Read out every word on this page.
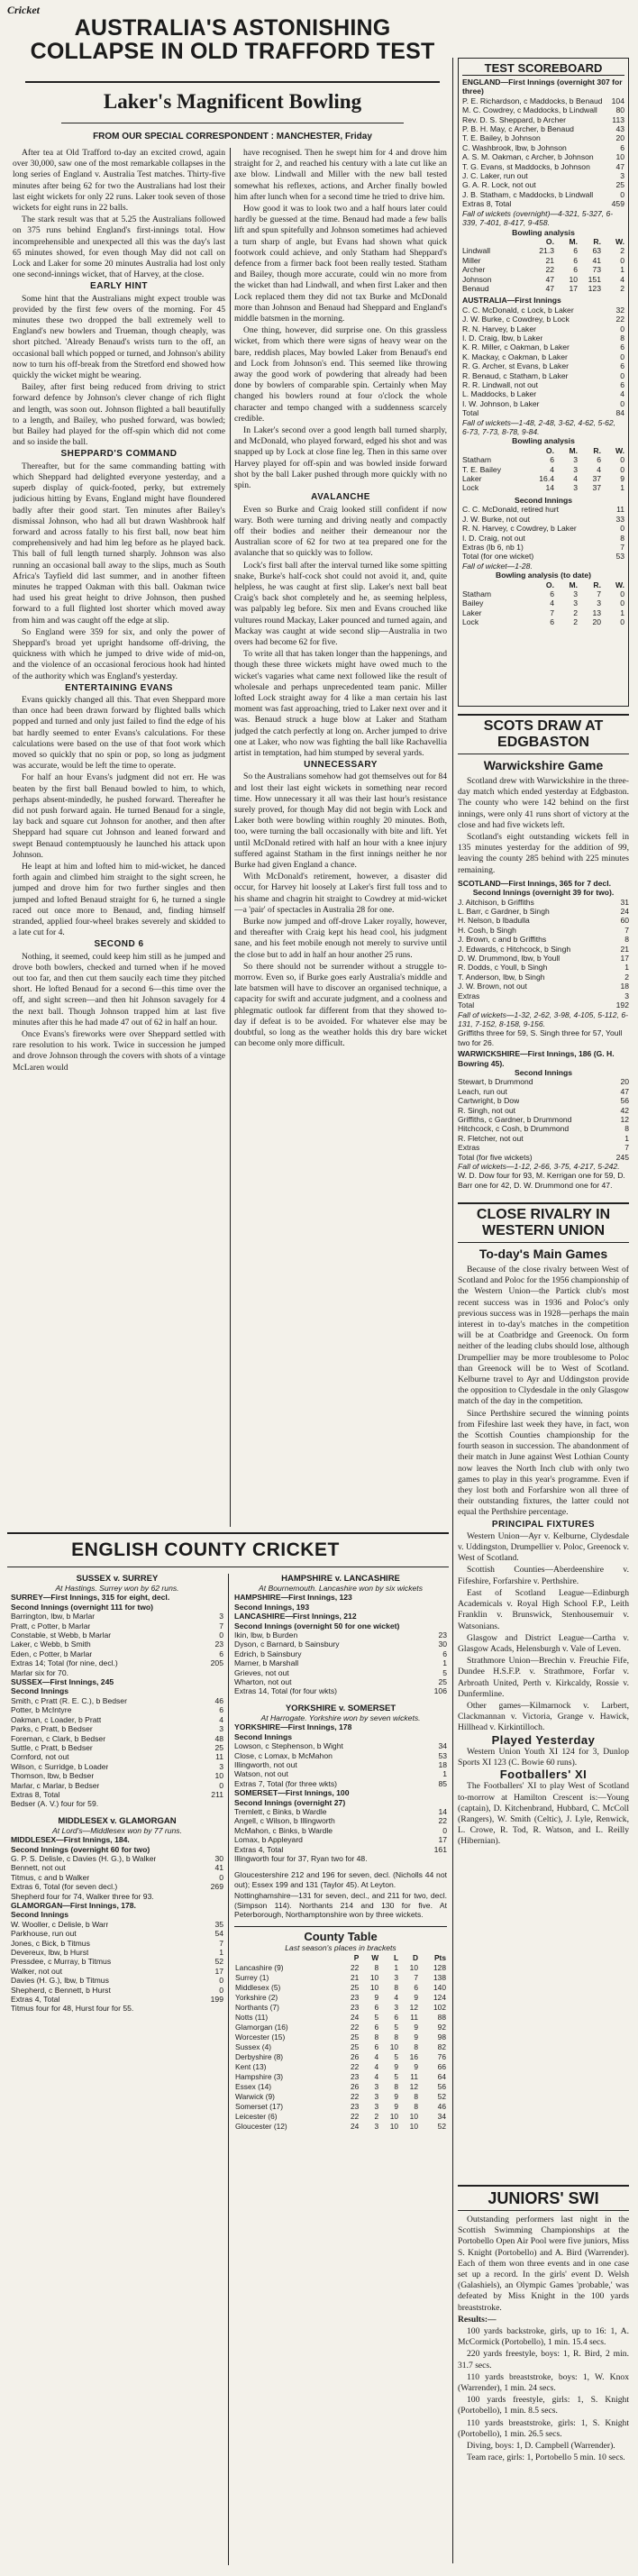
Cricket
AUSTRALIA'S ASTONISHING COLLAPSE IN OLD TRAFFORD TEST
Laker's Magnificent Bowling
FROM OUR SPECIAL CORRESPONDENT : MANCHESTER, Friday

After tea at Old Trafford to-day an excited crowd, again over 30,000, saw one of the most remarkable collapses in the long series of England v. Australia Test matches. Thirty-five minutes after being 62 for two the Australians had lost their last eight wickets for only 22 runs. Laker took seven of those wickets for eight runs in 22 balls.

The stark result was that at 5.25 the Australians followed on 375 runs behind England's first-innings total. How incomprehensible and unexpected all this was the day's last 65 minutes showed, for even though May did not call on Lock and Laker for some 20 minutes Australia had lost only one second-innings wicket, that of Harvey, at the close.

EARLY HINT

Some hint that the Australians might expect trouble was provided by the first few overs of the morning. For 45 minutes these two dropped the ball extremely well to England's new bowlers and Trueman, though cheaply, was short pitched. 'Already Benaud's wrists turn to the off, an occasional ball which popped or turned, and Johnson's ability now to turn his off-break from the Stretford end showed how quickly the wicket might be wearing.

Bailey, after first being reduced from driving to strict forward defence by Johnson's clever change of rich flight and length, was soon out. Johnson flighted a ball beautifully to a length, and Bailey, who pushed forward, was bowled; but Bailey had played for the off-spin which did not come and so inside the ball.

SHEPPARD'S COMMAND

Thereafter, but for the same commanding batting with which Sheppard had delighted everyone yesterday, and a superb display of quick-footed, perky, but extremely judicious hitting by Evans, England might have floundered badly after their good start. Ten minutes after Bailey's dismissal Johnson, who had all but drawn Washbrook half forward and across fatally to his first ball, now beat him comprehensively and had him leg before as he played back. This ball of full length turned sharply. Johnson was also running an occasional ball away to the slips, much as South Africa's Tayfield did last summer, and in another fifteen minutes he trapped Oakman with this ball. Oakman twice had used his great height to drive Johnson, then pushed forward to a full flighted lost shorter which moved away from him and was caught off the edge at slip.

So England were 359 for six, and only the power of Sheppard's broad yet upright handsome off-driving, the quickness with which he jumped to drive wide of mid-on, and the violence of an occasional ferocious hook had hinted of the authority which was England's yesterday.

ENTERTAINING EVANS

Evans quickly changed all this. That even Sheppard more than once had been drawn forward by flighted balls which popped and turned and only just failed to find the edge of his bat hardly seemed to enter Evans's calculations. For these calculations were based on the use of that foot work which moved so quickly that no spin or pop, so long as judgment was accurate, would be left the time to operate.

For half an hour Evans's judgment did not err. He was beaten by the first ball Benaud bowled to him, to which, perhaps absent-mindedly, he pushed forward. Thereafter he did not push forward again. He turned Benaud for a single, lay back and square cut Johnson for another, and then after Sheppard had square cut Johnson and leaned forward and swept Benaud contemptuously he launched his attack upon Johnson.

He leapt at him and lofted him to mid-wicket, he danced forth again and climbed him straight to the sight screen, he jumped and drove him for two further singles and then jumped and lofted Benaud straight for 6, he turned a single raced out once more to Benaud, and, finding himself stranded, applied four-wheel brakes severely and skidded to a late cut for 4.

SECOND 6

Nothing, it seemed, could keep him still as he jumped and drove both bowlers, checked and turned when if he moved out too far, and then cut them saucily each time they pitched short. He lofted Benaud for a second 6—this time over the off, and sight screen—and then hit Johnson savagely for 4 the next ball. Though Johnson trapped him at last five minutes after this he had made 47 out of 62 in half an hour.

Once Evans's fireworks were over Sheppard settled with rare resolution to his work. Twice in succession he jumped and drove Johnson through the covers with shots of a vintage McLaren would

have recognised. Then he swept him for 4 and drove him straight for 2, and reached his century with a late cut like an axe blow. Lindwall and Miller with the new ball tested somewhat his reflexes, actions, and Archer finally bowled him after lunch when for a second time he tried to drive him.

How good it was to look two and a half hours later could hardly be guessed at the time. Benaud had made a few balls lift and spun spitefully and Johnson sometimes had achieved a turn sharp of angle, but Evans had shown what quick footwork could achieve, and only Statham had Sheppard's defence from a firmer back foot been really tested. Statham and Bailey, though more accurate, could win no more from the wicket than had Lindwall, and when first Laker and then Lock replaced them they did not tax Burke and McDonald more than Johnson and Benaud had Sheppard and England's middle batsmen in the morning.

One thing, however, did surprise one. On this grassless wicket, from which there were signs of heavy wear on the bare, reddish places, May bowled Laker from Benaud's end and Lock from Johnson's end. This seemed like throwing away the good work of powdering that already had been done by bowlers of comparable spin. Certainly when May changed his bowlers round at four o'clock the whole character and tempo changed with a suddenness scarcely credible.

In Laker's second over a good length ball turned sharply, and McDonald, who played forward, edged his shot and was snapped up by Lock at close fine leg. Then in this same over Harvey played for off-spin and was bowled inside forward shot by the ball Laker pushed through more quickly with no spin.

AVALANCHE

Even so Burke and Craig looked still confident if now wary. Both were turning and driving neatly and compactly off their bodies and neither their demeanour nor the Australian score of 62 for two at tea prepared one for the avalanche that so quickly was to follow.

Lock's first ball after the interval turned like some spitting snake, Burke's half-cock shot could not avoid it, and, quite helpless, he was caught at first slip. Laker's next ball beat Craig's back shot completely and he, as seeming helpless, was palpably leg before. Six men and Evans crouched like vultures round Mackay, Laker pounced and turned again, and Mackay was caught at wide second slip—Australia in two overs had become 62 for five.

To write all that has taken longer than the happenings, and though these three wickets might have owed much to the wicket's vagaries what came next followed like the result of wholesale and perhaps unprecedented team panic. Miller lofted Lock straight away for 4 like a man certain his last moment was fast approaching, tried to Laker next over and it was. Benaud struck a huge blow at Laker and Statham judged the catch perfectly at long on. Archer jumped to drive one at Laker, who now was fighting the ball like Rachavellia artist in temptation, had him stumped by several yards.

UNNECESSARY

So the Australians somehow had got themselves out for 84 and lost their last eight wickets in something near record time. How unnecessary it all was their last hour's resistance surely proved, for though May did not begin with Lock and Laker both were bowling within roughly 20 minutes. Both, too, were turning the ball occasionally with bite and lift. Yet until McDonald retired with half an hour with a knee injury suffered against Statham in the first innings neither he nor Burke had given England a chance.

With McDonald's retirement, however, a disaster did occur, for Harvey hit loosely at Laker's first full toss and to his shame and chagrin hit straight to Cowdrey at mid-wicket—a 'pair' of spectacles in Australia 28 for one.

Burke now jumped and off-drove Laker royally, however, and thereafter with Craig kept his head cool, his judgment sane, and his feet mobile enough not merely to survive until the close but to add in half an hour another 25 runs.

So there should not be surrender without a struggle to-morrow. Even so, if Burke goes early Australia's middle and late batsmen will have to discover an organised technique, a capacity for swift and accurate judgment, and a coolness and phlegmatic outlook far different from that they showed to-day if defeat is to be avoided. For whatever else may be doubtful, so long as the weather holds this dry bare wicket can become only more difficult.

TEST SCOREBOARD
ENGLAND—First Innings (overnight 307 for three)
P. E. Richardson, c Maddocks, b Benaud 104
M. C. Cowdrey, c Maddocks, b Lindwall 80
Rev. D. S. Sheppard, b Archer	113
P. B. H. May, c Archer, b Benaud	43
T. E. Bailey, b Johnson	20
C. Washbrook, lbw, b Johnson	6
A. S. M. Oakman, c Archer, b Johnson	10
T. G. Evans, st Maddocks, b Johnson	47
J. C. Laker, run out	3
G. A. R. Lock, not out	25
J. B. Statham, c Maddocks, b Lindwall	0
Extras 8, Total	459
Fall of wickets (overnight)—4-321, 5-327, 6-339, 7-401, 8-417, 9-458.
Bowling analysis
O.	M.	R.	W.
Lindwall	21.3	6	63	2
Miller	21	6	41	0
Archer	22	6	73	1
Johnson	47	10	151	4
Benaud	47	17	123	2
AUSTRALIA—First Innings
C. C. McDonald, c Lock, b Laker	32
J. W. Burke, c Cowdrey, b Lock	22
R. N. Harvey, b Laker	0
I. D. Craig, lbw, b Laker	8
K. R. Miller, c Oakman, b Laker	6
K. Mackay, c Oakman, b Laker	0
R. G. Archer, st Evans, b Laker	6
R. Benaud, c Statham, b Laker	0
R. R. Lindwall, not out	6
L. Maddocks, b Laker	4
I. W. Johnson, b Laker	0
Total	84
Fall of wickets—1-48, 2-48, 3-62, 4-62, 5-62, 6-73, 7-73, 8-78, 9-84.
Bowling analysis
O.	M.	R.	W.
Statham	6	3	6	0
T. E. Bailey	4	3	4	0
Laker	16.4	4	37	9
Lock	14	3	37	1
Second Innings
C. C. McDonald, retired hurt	11
J. W. Burke, not out	33
R. N. Harvey, c Cowdrey, b Laker	0
I. D. Craig, not out	8
Extras (lb 6, nb 1)	7
Total (for one wicket)	53
Fall of wicket—1-28.
Bowling analysis (to date)
O.	M.	R.	W.
Statham	6	3	7	0
Bailey	4	3	3	0
Laker	7	2	13	1
Lock	6	2	20	0
SCOTS DRAW AT EDGBASTON
Warwickshire Game

Scotland drew with Warwickshire in the three-day match which ended yesterday at Edgbaston. The county who were 142 behind on the first innings, were only 41 runs short of victory at the close and had five wickets left.

Scotland's eight outstanding wickets fell in 135 minutes yesterday for the addition of 99, leaving the county 285 behind with 225 minutes remaining.

SCOTLAND—First Innings, 365 for 7 decl.
Second Innings (overnight 39 for two).
J. Aitchison, b Griffiths	31
L. Barr, c Gardner, b Singh	24
H. Nelson, b Ibadulla	60
H. Cosh, b Singh	7
J. Brown, c and b Griffiths	8
J. Edwards, c Hitchcock, b Singh	21
D. W. Drummond, lbw, b Youll	17
R. Dodds, c Youll, b Singh	1
T. Anderson, lbw, b Singh	2
J. W. Brown, not out	18
Extras	3
Total	192
Fall of wickets—1-32, 2-62, 3-98, 4-105, 5-112, 6-131, 7-152, 8-158, 9-156.
Griffiths three for 59, S. Singh three for 57, Youll two for 26.
WARWICKSHIRE—First Innings, 186 (G. H. Bowring 45).
Second Innings
Stewart, b Drummond	20
Leach, run out	47
Cartwright, b Dow	56
R. Singh, not out	42
Griffiths, c Gardner, b Drummond	12
Hitchcock, c Cosh, b Drummond	8
R. Fletcher, not out	1
Extras	7
Total (for five wickets)	245
Fall of wickets—1-12, 2-66, 3-75, 4-217, 5-242.
W. D. Dow four for 93, M. Kerrigan one for 59, D. Barr one for 42, D. W. Drummond one for 47.
CLOSE RIVALRY IN WESTERN UNION
To-day's Main Games

Because of the close rivalry between West of Scotland and Poloc for the 1956 championship of the Western Union—the Partick club's most recent success was in 1936 and Poloc's only previous success was in 1928—perhaps the main interest in to-day's matches in the competition will be at Coatbridge and Greenock. On form neither of the leading clubs should lose, although Drumpellier may be more troublesome to Poloc than Greenock will be to West of Scotland. Kelburne travel to Ayr and Uddingston provide the opposition to Clydesdale in the only Glasgow match of the day in the competition.

Since Perthshire secured the winning points from Fifeshire last week they have, in fact, won the Scottish Counties championship for the fourth season in succession. The abandonment of their match in June against West Lothian County now leaves the North Inch club with only two games to play in this year's programme. Even if they lost both and Forfarshire won all three of their outstanding fixtures, the latter could not equal the Perthshire percentage.

PRINCIPAL FIXTURES

Western Union—Ayr v. Kelburne, Clydesdale v. Uddingston, Drumpellier v. Poloc, Greenock v. West of Scotland.

Scottish Counties—Aberdeenshire v. Fifeshire, Forfarshire v. Perthshire.

East of Scotland League—Edinburgh Academicals v. Royal High School F.P., Leith Franklin v. Brunswick, Stenhousemuir v. Watsonians.

Glasgow and District League—Cartha v. Glasgow Acads, Helensburgh v. Vale of Leven.

Strathmore Union—Brechin v. Freuchie Fife, Dundee H.S.F.P. v. Strathmore, Forfar v. Arbroath United, Perth v. Kirkcaldy, Rossie v. Dunfermline.

Other games—Kilmarnock v. Larbert, Clackmannan v. Victoria, Grange v. Hawick, Hillhead v. Kirkintilloch.

Played Yesterday

Western Union Youth XI 124 for 3, Dunlop Sports XI 123 (C. Bowie 60 runs).

Footballers' XI

The Footballers' XI to play West of Scotland to-morrow at Hamilton Crescent is:—Young (captain), D. Kitchenbrand, Hubbard, C. McColl (Rangers), W. Smith (Celtic), J. Lyle, Renwick, L. Crowe, R. Tod, R. Watson, and L. Reilly (Hibernian).

JUNIORS' SWI

Outstanding performers last night in the Scottish Swimming Championships at the Portobello Open Air Pool were five juniors, Miss S. Knight (Portobello) and A. Bird (Warrender). Each of them won three events and in one case set up a record. In the girls' event D. Welsh (Galashiels), an Olympic Games 'probable,' was defeated by Miss Knight in the 100 yards breaststroke.

Results:—

100 yards backstroke, girls, up to 16: 1, A. McCormick (Portobello), 1 min. 15.4 secs.

220 yards freestyle, boys: 1, R. Bird, 2 min. 31.7 secs.

110 yards breaststroke, boys: 1, W. Knox (Warrender), 1 min. 24 secs.

100 yards freestyle, girls: 1, S. Knight (Portobello), 1 min. 8.5 secs.

110 yards breaststroke, girls: 1, S. Knight (Portobello), 1 min. 26.5 secs.

Diving, boys: 1, D. Campbell (Warrender).

Team race, girls: 1, Portobello 5 min. 10 secs.

ENGLISH COUNTY CRICKET
SUSSEX v. SURREY
At Hastings. Surrey won by 62 runs.
SURREY—First Innings, 315 for eight, decl.
Second Innings (overnight 111 for two)
Barrington, lbw, b Marlar	3
Pratt, c Potter, b Marlar	7
Constable, st Webb, b Marlar	0
Laker, c Webb, b Smith	23
Eden, c Potter, b Marlar	6
Extras 14; Total (for nine, decl.)	205
Marlar six for 70.
SUSSEX—First Innings, 245
Second Innings
Smith, c Pratt (R. E. C.), b Bedser	46
Potter, b McIntyre	6
Oakman, c Loader, b Pratt	4
Parks, c Pratt, b Bedser	3
Foreman, c Clark, b Bedser	48
Suttle, c Pratt, b Bedser	25
Cornford, not out	11
Wilson, c Surridge, b Loader	3
Thomson, lbw, b Bedser	10
Marlar, c Marlar, b Bedser	0
Extras 8, Total	211
Bedser (A. V.) four for 59.
MIDDLESEX v. GLAMORGAN
At Lord's—Middlesex won by 77 runs.
MIDDLESEX—First Innings, 184.
Second Innings (overnight 60 for two)
G. P. S. Delisle, c Davies (H. G.), b Walker	30
Bennett, not out	41
Titmus, c and b Walker	0
Extras 6, Total (for seven decl.)	269
Shepherd four for 74, Walker three for 93.
GLAMORGAN—First Innings, 178.
Second Innings
W. Wooller, c Delisle, b Warr	35
Parkhouse, run out	54
Jones, c Bick, b Titmus	7
Devereux, lbw, b Hurst	1
Pressdee, c Murray, b Titmus	52
Walker, not out	17
Davies (H. G.), lbw, b Titmus	0
Shepherd, c Bennett, b Hurst	0
Extras 4, Total	199
Titmus four for 48, Hurst four for 55.
HAMPSHIRE v. LANCASHIRE
At Bournemouth. Lancashire won by six wickets
HAMPSHIRE—First Innings, 123
Second Innings, 193
LANCASHIRE—First Innings, 212
Second Innings (overnight 50 for one wicket)
Ikin, lbw, b Burden	23
Dyson, c Barnard, b Sainsbury	30
Edrich, b Sainsbury	6
Marner, b Marshall	1
Grieves, not out	5
Wharton, not out	25
Extras 14, Total (for four wkts)	106
YORKSHIRE v. SOMERSET
At Harrogate. Yorkshire won by seven wickets.
YORKSHIRE—First Innings, 178
Second Innings
Lowson, c Stephenson, b Wight	34
Close, c Lomax, b McMahon	53
Illingworth, not out	18
Watson, not out	1
Extras 7, Total (for three wkts)	85
SOMERSET—First Innings, 100
Second Innings (overnight 27)
Tremlett, c Binks, b Wardle	14
Angell, c Wilson, b Illingworth	22
McMahon, c Binks, b Wardle	0
Lomax, b Appleyard	17
Extras 4, Total	161
Illingworth four for 37, Ryan two for 48.
Gloucestershire 212 and 196 for seven, decl. (Nicholls 44 not out); Essex 199 and 131 (Taylor 45). At Leyton.
Nottinghamshire—131 for seven, decl., and 211 for two, decl. (Simpson 114). Northants 214 and 130 for five. At Peterborough, Northamptonshire won by three wickets.
County Table
Last season's places in brackets
	P	W	L	D	Pts
Lancashire (9)	22	8	1	10	128
Surrey (1)	21	10	3	7	138
Middlesex (5)	25	10	8	6	140
Yorkshire (2)	23	9	4	9	124
Northants (7)	23	6	3	12	102
Notts (11)	24	5	6	11	88
Glamorgan (16)	22	6	5	9	92
Worcester (15)	25	8	8	9	98
Sussex (4)	25	6	10	8	82
Derbyshire (8)	26	4	5	16	76
Kent (13)	22	4	9	9	66
Hampshire (3)	23	4	5	11	64
Essex (14)	26	3	8	12	56
Warwick (9)	22	3	9	8	52
Somerset (17)	23	3	9	8	46
Leicester (6)	22	2	10	10	34
Gloucester (12)	24	3	10	10	52
